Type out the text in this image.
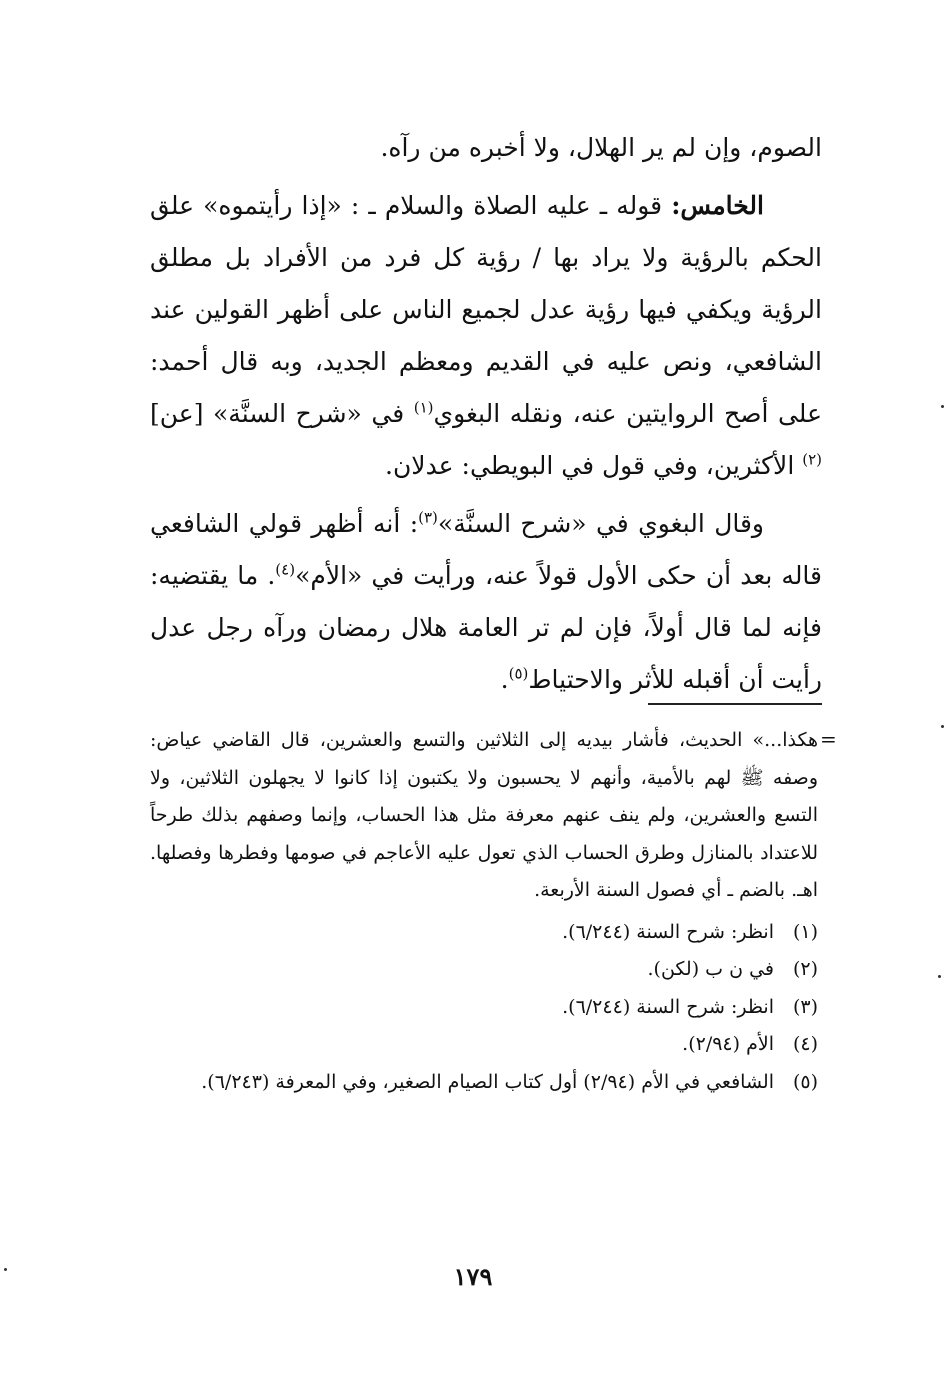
الصوم، وإن لم ير الهلال، ولا أخبره من رآه.

الخامس: قوله ـ عليه الصلاة والسلام ـ : «إذا رأيتموه» علق الحكم بالرؤية ولا يراد بها / رؤية كل فرد من الأفراد بل مطلق الرؤية ويكفي فيها رؤية عدل لجميع الناس على أظهر القولين عند الشافعي، ونص عليه في القديم ومعظم الجديد، وبه قال أحمد: على أصح الروايتين عنه، ونقله البغوي$^{(١)}$ في «شرح السنَّة» [عن]$^{(٢)}$ الأكثرين، وفي قول في البويطي: عدلان.

وقال البغوي في «شرح السنَّة»$^{(٣)}$: أنه أظهر قولي الشافعي قاله بعد أن حكى الأول قولاً عنه، ورأيت في «الأم»$^{(٤)}$. ما يقتضيه: فإنه لما قال أولاً، فإن لم تر العامة هلال رمضان ورآه رجل عدل رأيت أن أقبله للأثر والاحتياط$^{(٥)}$.

=

هكذا...» الحديث، فأشار بيديه إلى الثلاثين والتسع والعشرين، قال القاضي عياض: وصفه ﷺ لهم بالأمية، وأنهم لا يحسبون ولا يكتبون إذا كانوا لا يجهلون الثلاثين، ولا التسع والعشرين، ولم ينف عنهم معرفة مثل هذا الحساب، وإنما وصفهم بذلك طرحاً للاعتداد بالمنازل وطرق الحساب الذي تعول عليه الأعاجم في صومها وفطرها وفصلها. اهـ. بالضم ـ أي فصول السنة الأربعة.

(١)
انظر: شرح السنة (٦/٢٤٤).
(٢)
في ن ب (لكن).
(٣)
انظر: شرح السنة (٦/٢٤٤).
(٤)
الأم (٢/٩٤).
(٥)
الشافعي في الأم (٢/٩٤) أول كتاب الصيام الصغير، وفي المعرفة (٦/٢٤٣).
١٧٩
